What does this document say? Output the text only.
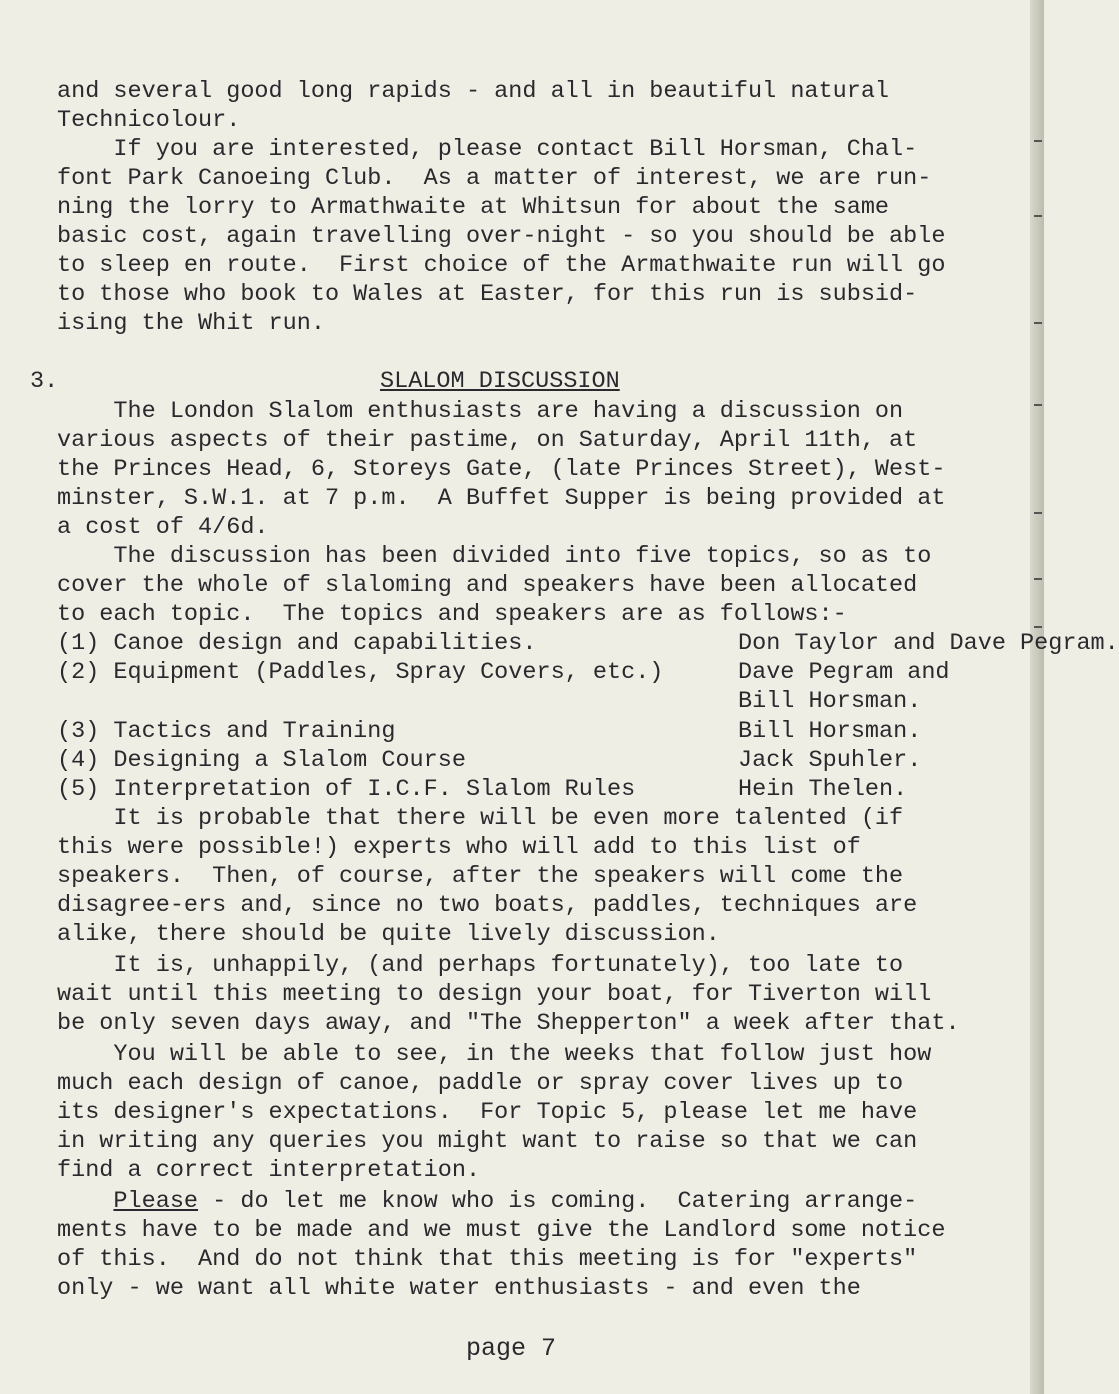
and several good long rapids - and all in beautiful natural
Technicolour.
If you are interested, please contact Bill Horsman, Chal-
font Park Canoeing Club.  As a matter of interest, we are run-
ning the lorry to Armathwaite at Whitsun for about the same
basic cost, again travelling over-night - so you should be able
to sleep en route.  First choice of the Armathwaite run will go
to those who book to Wales at Easter, for this run is subsid-
ising the Whit run.
3.	SLALOM DISCUSSION
The London Slalom enthusiasts are having a discussion on
various aspects of their pastime, on Saturday, April 11th, at
the Princes Head, 6, Storeys Gate, (late Princes Street), West-
minster, S.W.1. at 7 p.m.  A Buffet Supper is being provided at
a cost of 4/6d.
The discussion has been divided into five topics, so as to
cover the whole of slaloming and speakers have been allocated
to each topic.  The topics and speakers are as follows:-
(1) Canoe design and capabilities.	Don Taylor and Dave Pegram.
(2) Equipment (Paddles, Spray Covers, etc.)	Dave Pegram and
Bill Horsman.
(3) Tactics and Training	Bill Horsman.
(4) Designing a Slalom Course	Jack Spuhler.
(5) Interpretation of I.C.F. Slalom Rules	Hein Thelen.
It is probable that there will be even more talented (if
this were possible!) experts who will add to this list of
speakers.  Then, of course, after the speakers will come the
disagree-ers and, since no two boats, paddles, techniques are
alike, there should be quite lively discussion.
It is, unhappily, (and perhaps fortunately), too late to
wait until this meeting to design your boat, for Tiverton will
be only seven days away, and "The Shepperton" a week after that.
You will be able to see, in the weeks that follow just how
much each design of canoe, paddle or spray cover lives up to
its designer's expectations.  For Topic 5, please let me have
in writing any queries you might want to raise so that we can
find a correct interpretation.
Please - do let me know who is coming.  Catering arrange-
ments have to be made and we must give the Landlord some notice
of this.  And do not think that this meeting is for "experts"
only - we want all white water enthusiasts - and even the
page 7
